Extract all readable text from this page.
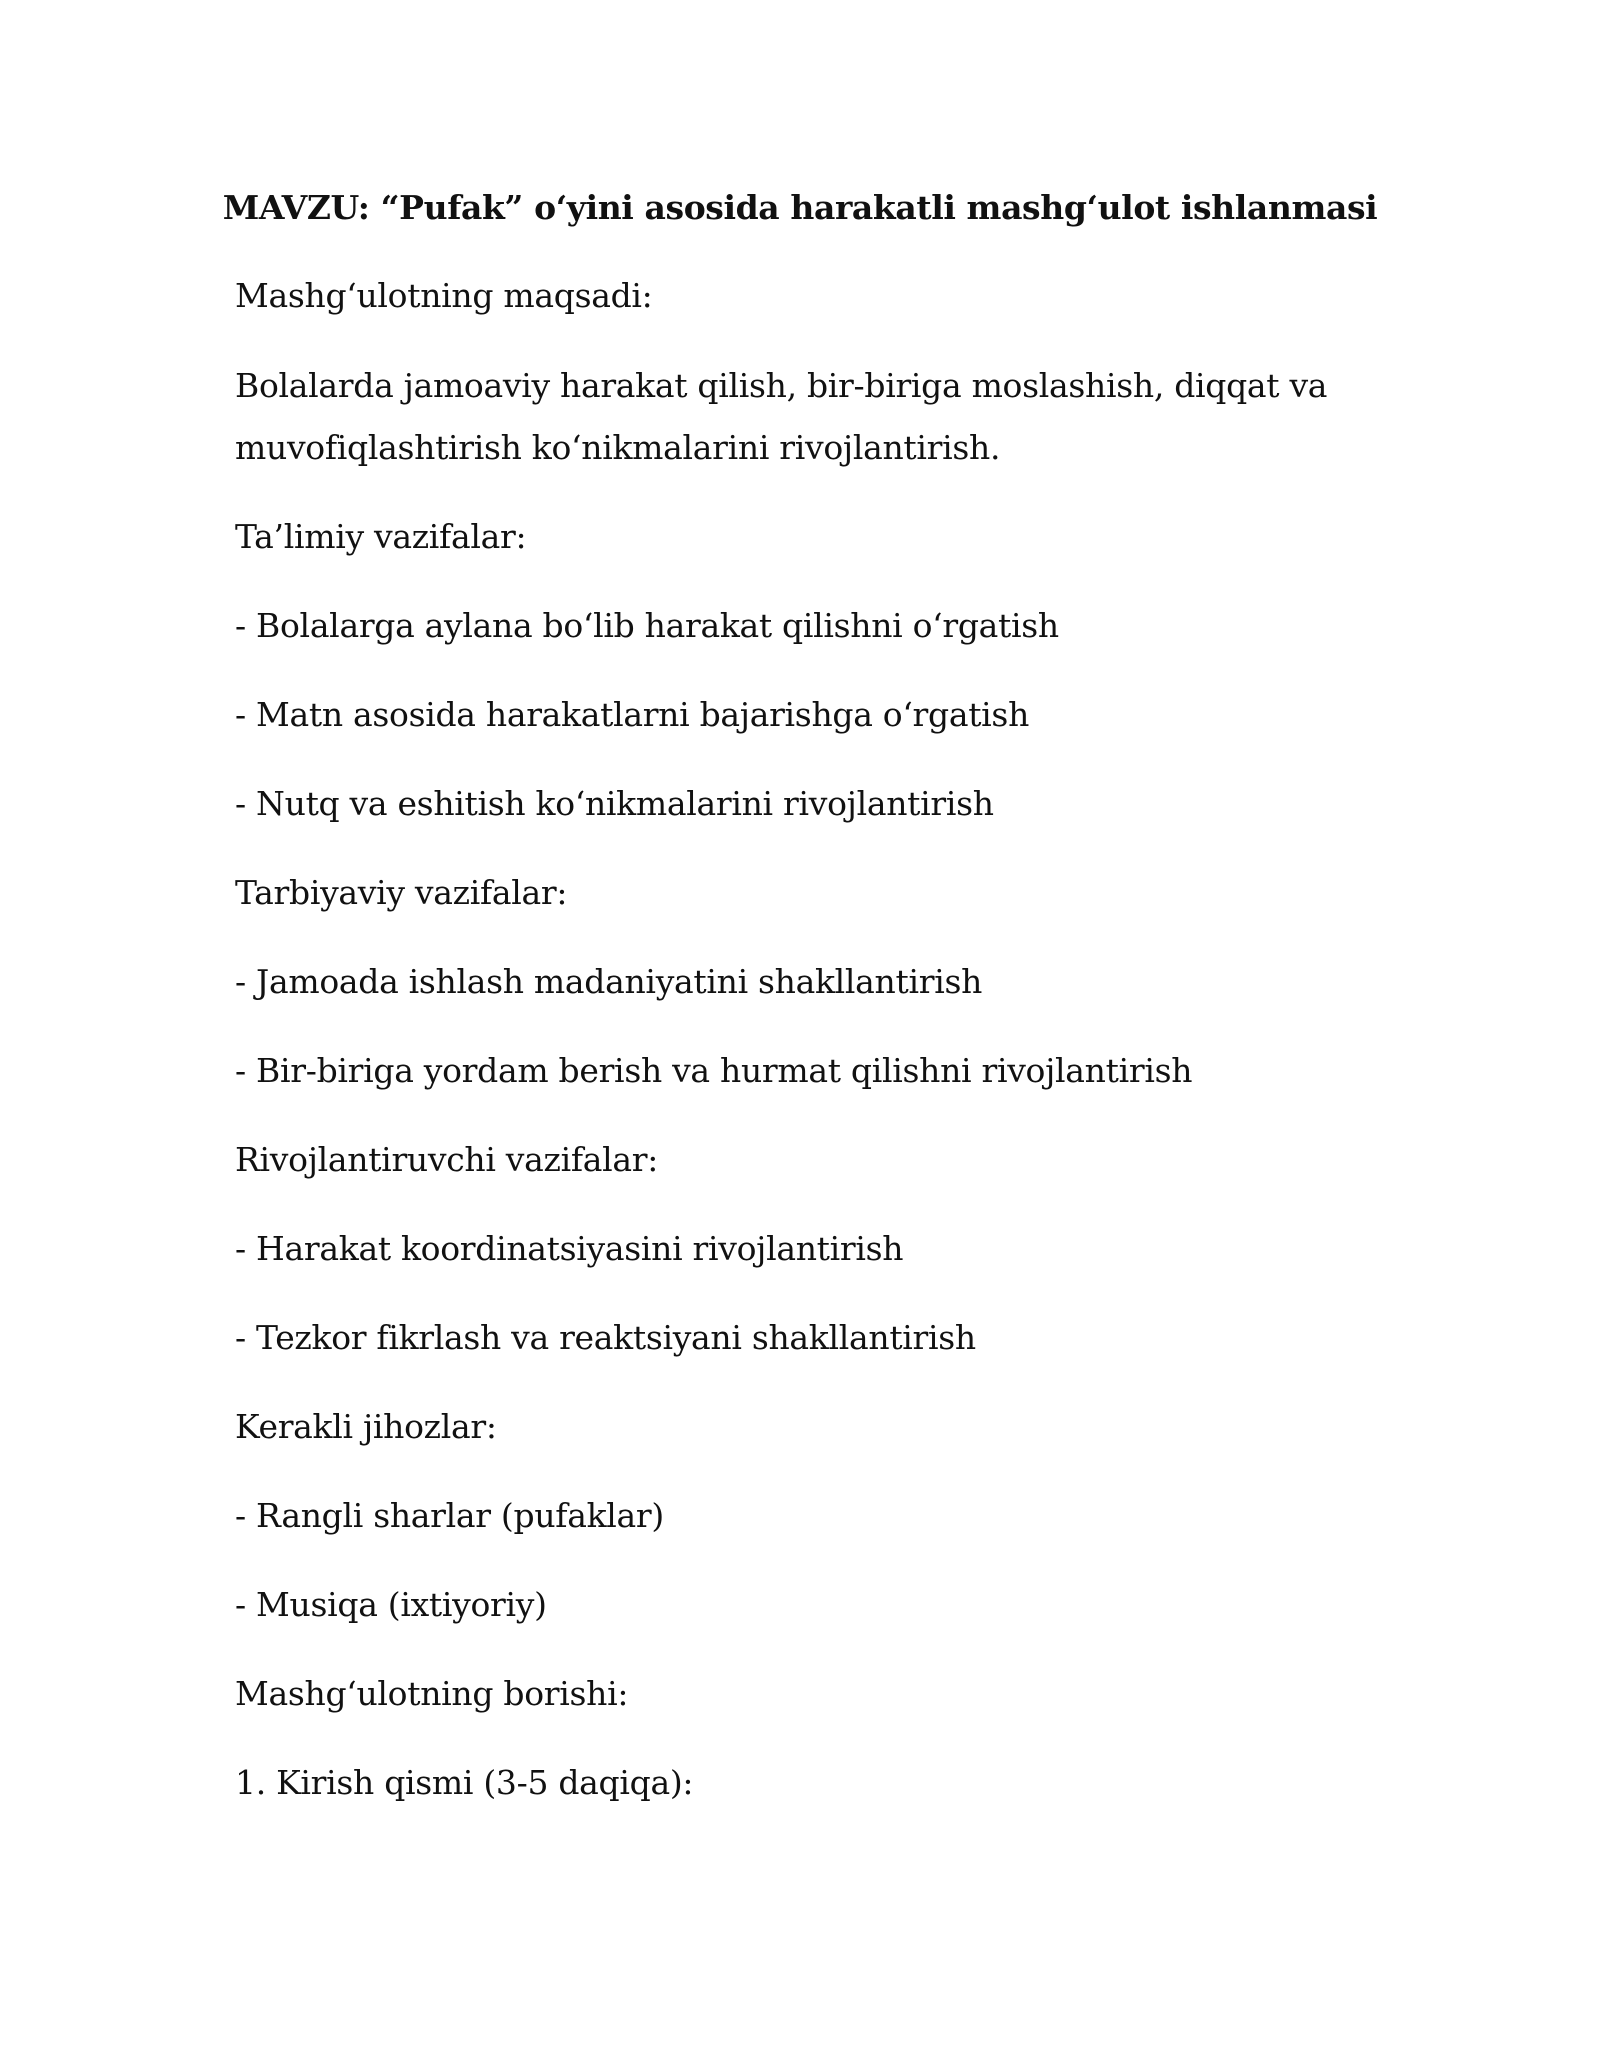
MAVZU: “Pufak” o‘yini asosida harakatli mashg‘ulot ishlanmasi

Mashg‘ulotning maqsadi:

Bolalarda jamoaviy harakat qilish, bir-biriga moslashish, diqqat va

muvofiqlashtirish ko‘nikmalarini rivojlantirish.

Ta’limiy vazifalar:

- Bolalarga aylana bo‘lib harakat qilishni o‘rgatish

- Matn asosida harakatlarni bajarishga o‘rgatish

- Nutq va eshitish ko‘nikmalarini rivojlantirish

Tarbiyaviy vazifalar:

- Jamoada ishlash madaniyatini shakllantirish

- Bir-biriga yordam berish va hurmat qilishni rivojlantirish

Rivojlantiruvchi vazifalar:

- Harakat koordinatsiyasini rivojlantirish

- Tezkor fikrlash va reaktsiyani shakllantirish

Kerakli jihozlar:

- Rangli sharlar (pufaklar)

- Musiqa (ixtiyoriy)

Mashg‘ulotning borishi:

1. Kirish qismi (3-5 daqiqa):
